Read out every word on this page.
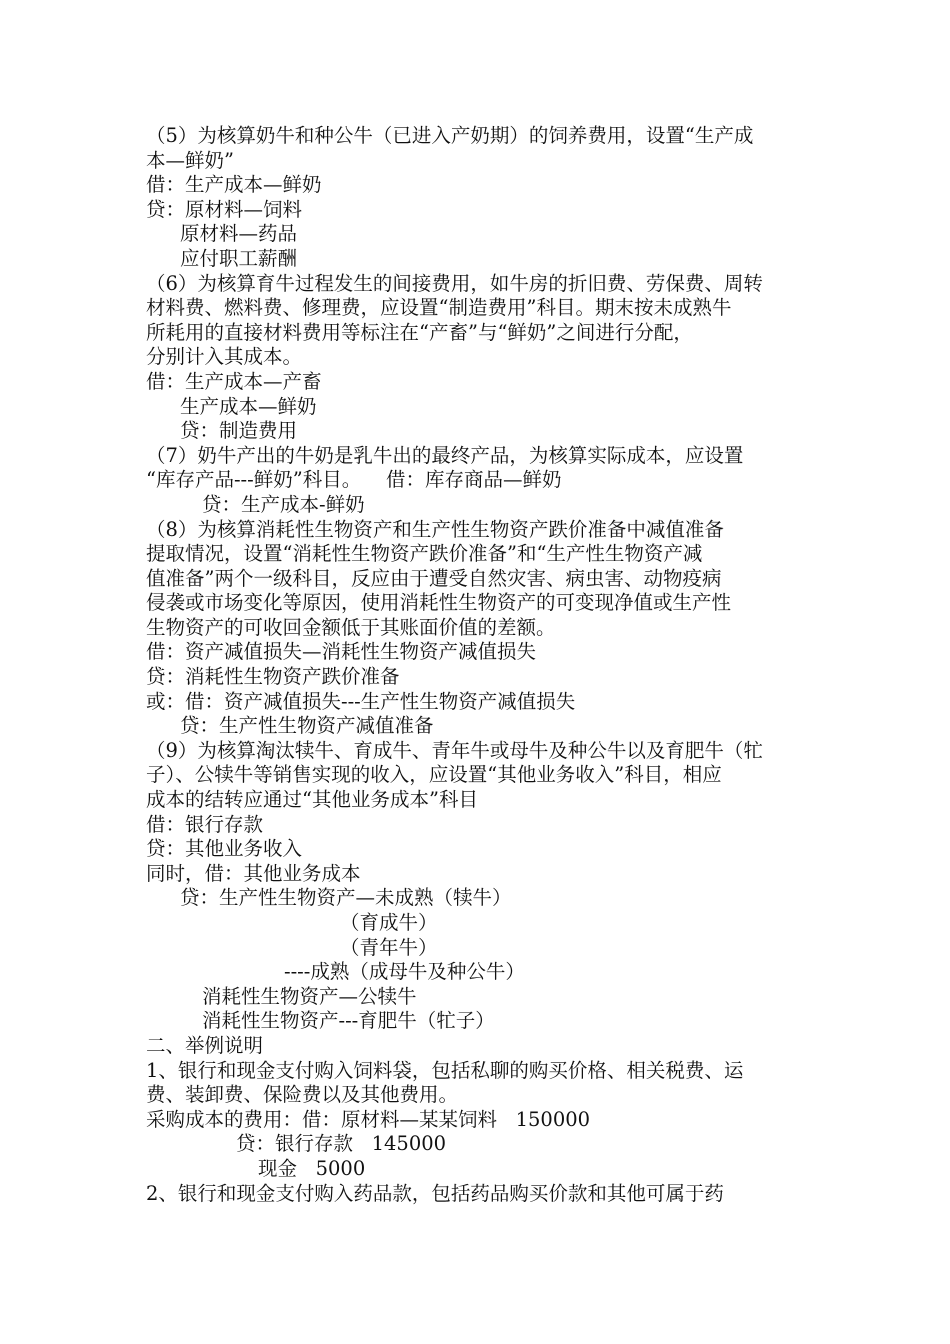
（5）为核算奶牛和种公牛（已进入产奶期）的饲养费用，设置“生产成
本—鲜奶”
借：生产成本—鲜奶
贷：原材料—饲料
原材料—药品
应付职工薪酬
（6）为核算育牛过程发生的间接费用，如牛房的折旧费、劳保费、周转
材料费、燃料费、修理费，应设置“制造费用”科目。期末按未成熟牛
所耗用的直接材料费用等标注在“产畜”与“鲜奶”之间进行分配，
分别计入其成本。
借：生产成本—产畜
生产成本—鲜奶
贷：制造费用
（7）奶牛产出的牛奶是乳牛出的最终产品，为核算实际成本，应设置
“库存产品---鲜奶”科目。    借：库存商品—鲜奶
贷：生产成本-鲜奶
（8）为核算消耗性生物资产和生产性生物资产跌价准备中减值准备
提取情况，设置“消耗性生物资产跌价准备”和“生产性生物资产减
值准备”两个一级科目，反应由于遭受自然灾害、病虫害、动物疫病
侵袭或市场变化等原因，使用消耗性生物资产的可变现净值或生产性
生物资产的可收回金额低于其账面价值的差额。
借：资产减值损失—消耗性生物资产减值损失
贷：消耗性生物资产跌价准备
或：借：资产减值损失---生产性生物资产减值损失
贷：生产性生物资产减值准备
（9）为核算淘汰犊牛、育成牛、青年牛或母牛及种公牛以及育肥牛（牤
子）、公犊牛等销售实现的收入，应设置“其他业务收入”科目，相应
成本的结转应通过“其他业务成本”科目
借：银行存款
贷：其他业务收入
同时，借：其他业务成本
贷：生产性生物资产—未成熟（犊牛）
（育成牛）
（青年牛）
----成熟（成母牛及种公牛）
消耗性生物资产—公犊牛
消耗性生物资产---育肥牛（牤子）
二、举例说明
1、银行和现金支付购入饲料袋，包括私聊的购买价格、相关税费、运
费、装卸费、保险费以及其他费用。
采购成本的费用：借：原材料—某某饲料   150000
贷：银行存款   145000
现金   5000
2、银行和现金支付购入药品款，包括药品购买价款和其他可属于药
